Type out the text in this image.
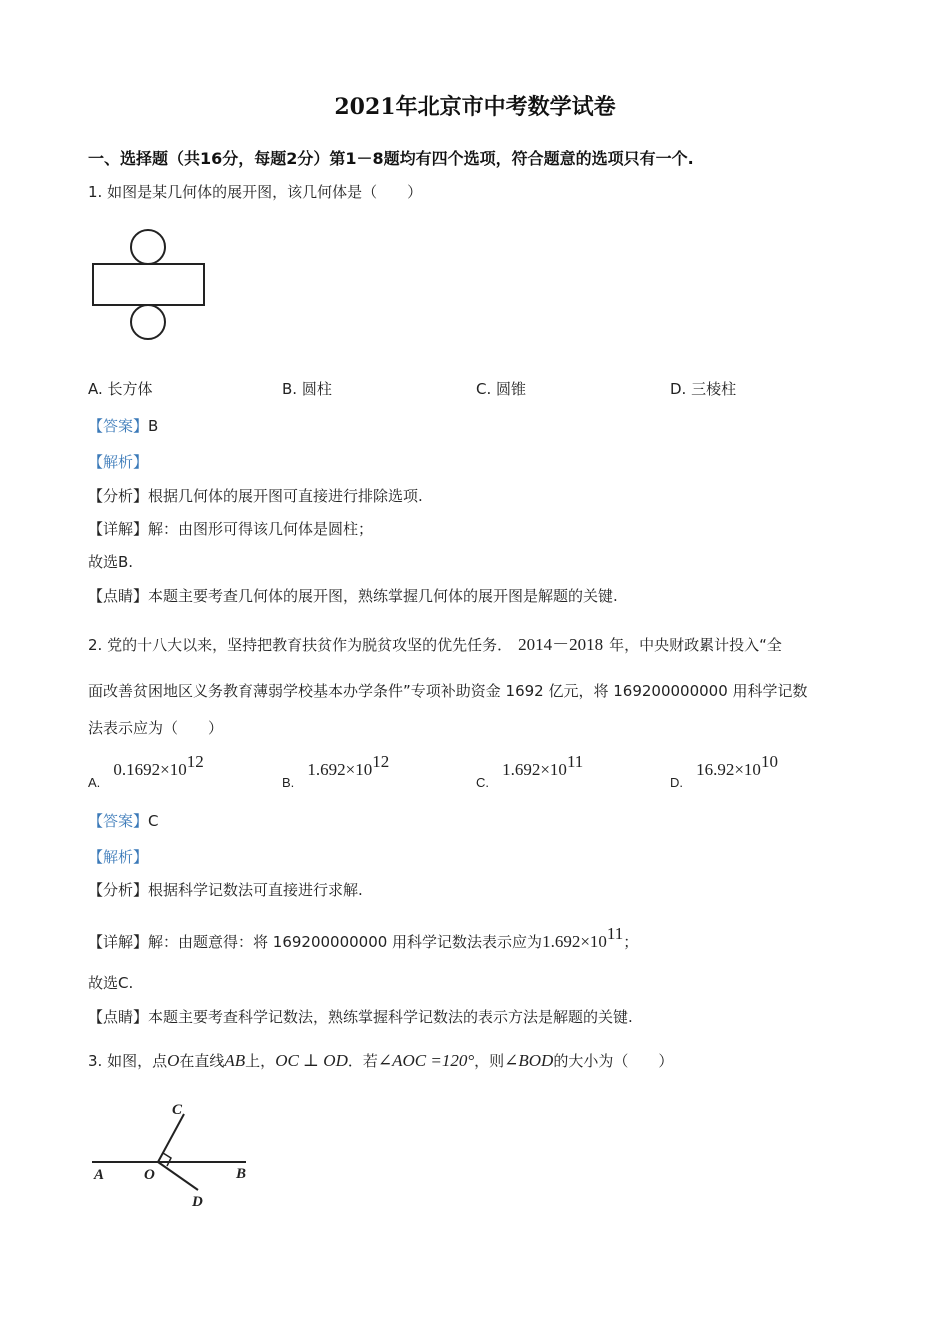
2021年北京市中考数学试卷
一、选择题（共16分，每题2分）第1－8题均有四个选项，符合题意的选项只有一个.
1. 如图是某几何体的展开图，该几何体是（　　）
A. 长方体	B. 圆柱	C. 圆锥	D. 三棱柱
【答案】B
【解析】
【分析】根据几何体的展开图可直接进行排除选项.
【详解】解：由图形可得该几何体是圆柱；
故选B.
【点睛】本题主要考查几何体的展开图，熟练掌握几何体的展开图是解题的关键.
2. 党的十八大以来，坚持把教育扶贫作为脱贫攻坚的优先任务． 2014－2018 年，中央财政累计投入“全
面改善贫困地区义务教育薄弱学校基本办学条件”专项补助资金 1692 亿元，将 169200000000 用科学记数
法表示应为（　　）
$_{A.}$ $0.1692\times 10^{12}$
$_{B.}$ $1.692\times 10^{12}$
$_{C.}$ $1.692\times 10^{11}$
$_{D.}$ $16.92\times 10^{10}$
【答案】C
【解析】
【分析】根据科学记数法可直接进行求解.
【详解】解：由题意得：将 169200000000 用科学记数法表示应为$1.692\times 10^{11}$；
故选C.
【点睛】本题主要考查科学记数法，熟练掌握科学记数法的表示方法是解题的关键.
3. 如图，点O在直线AB上，OC ⊥ OD．若∠AOC =120°，则∠BOD的大小为（　　）
A	O	B
C
D
